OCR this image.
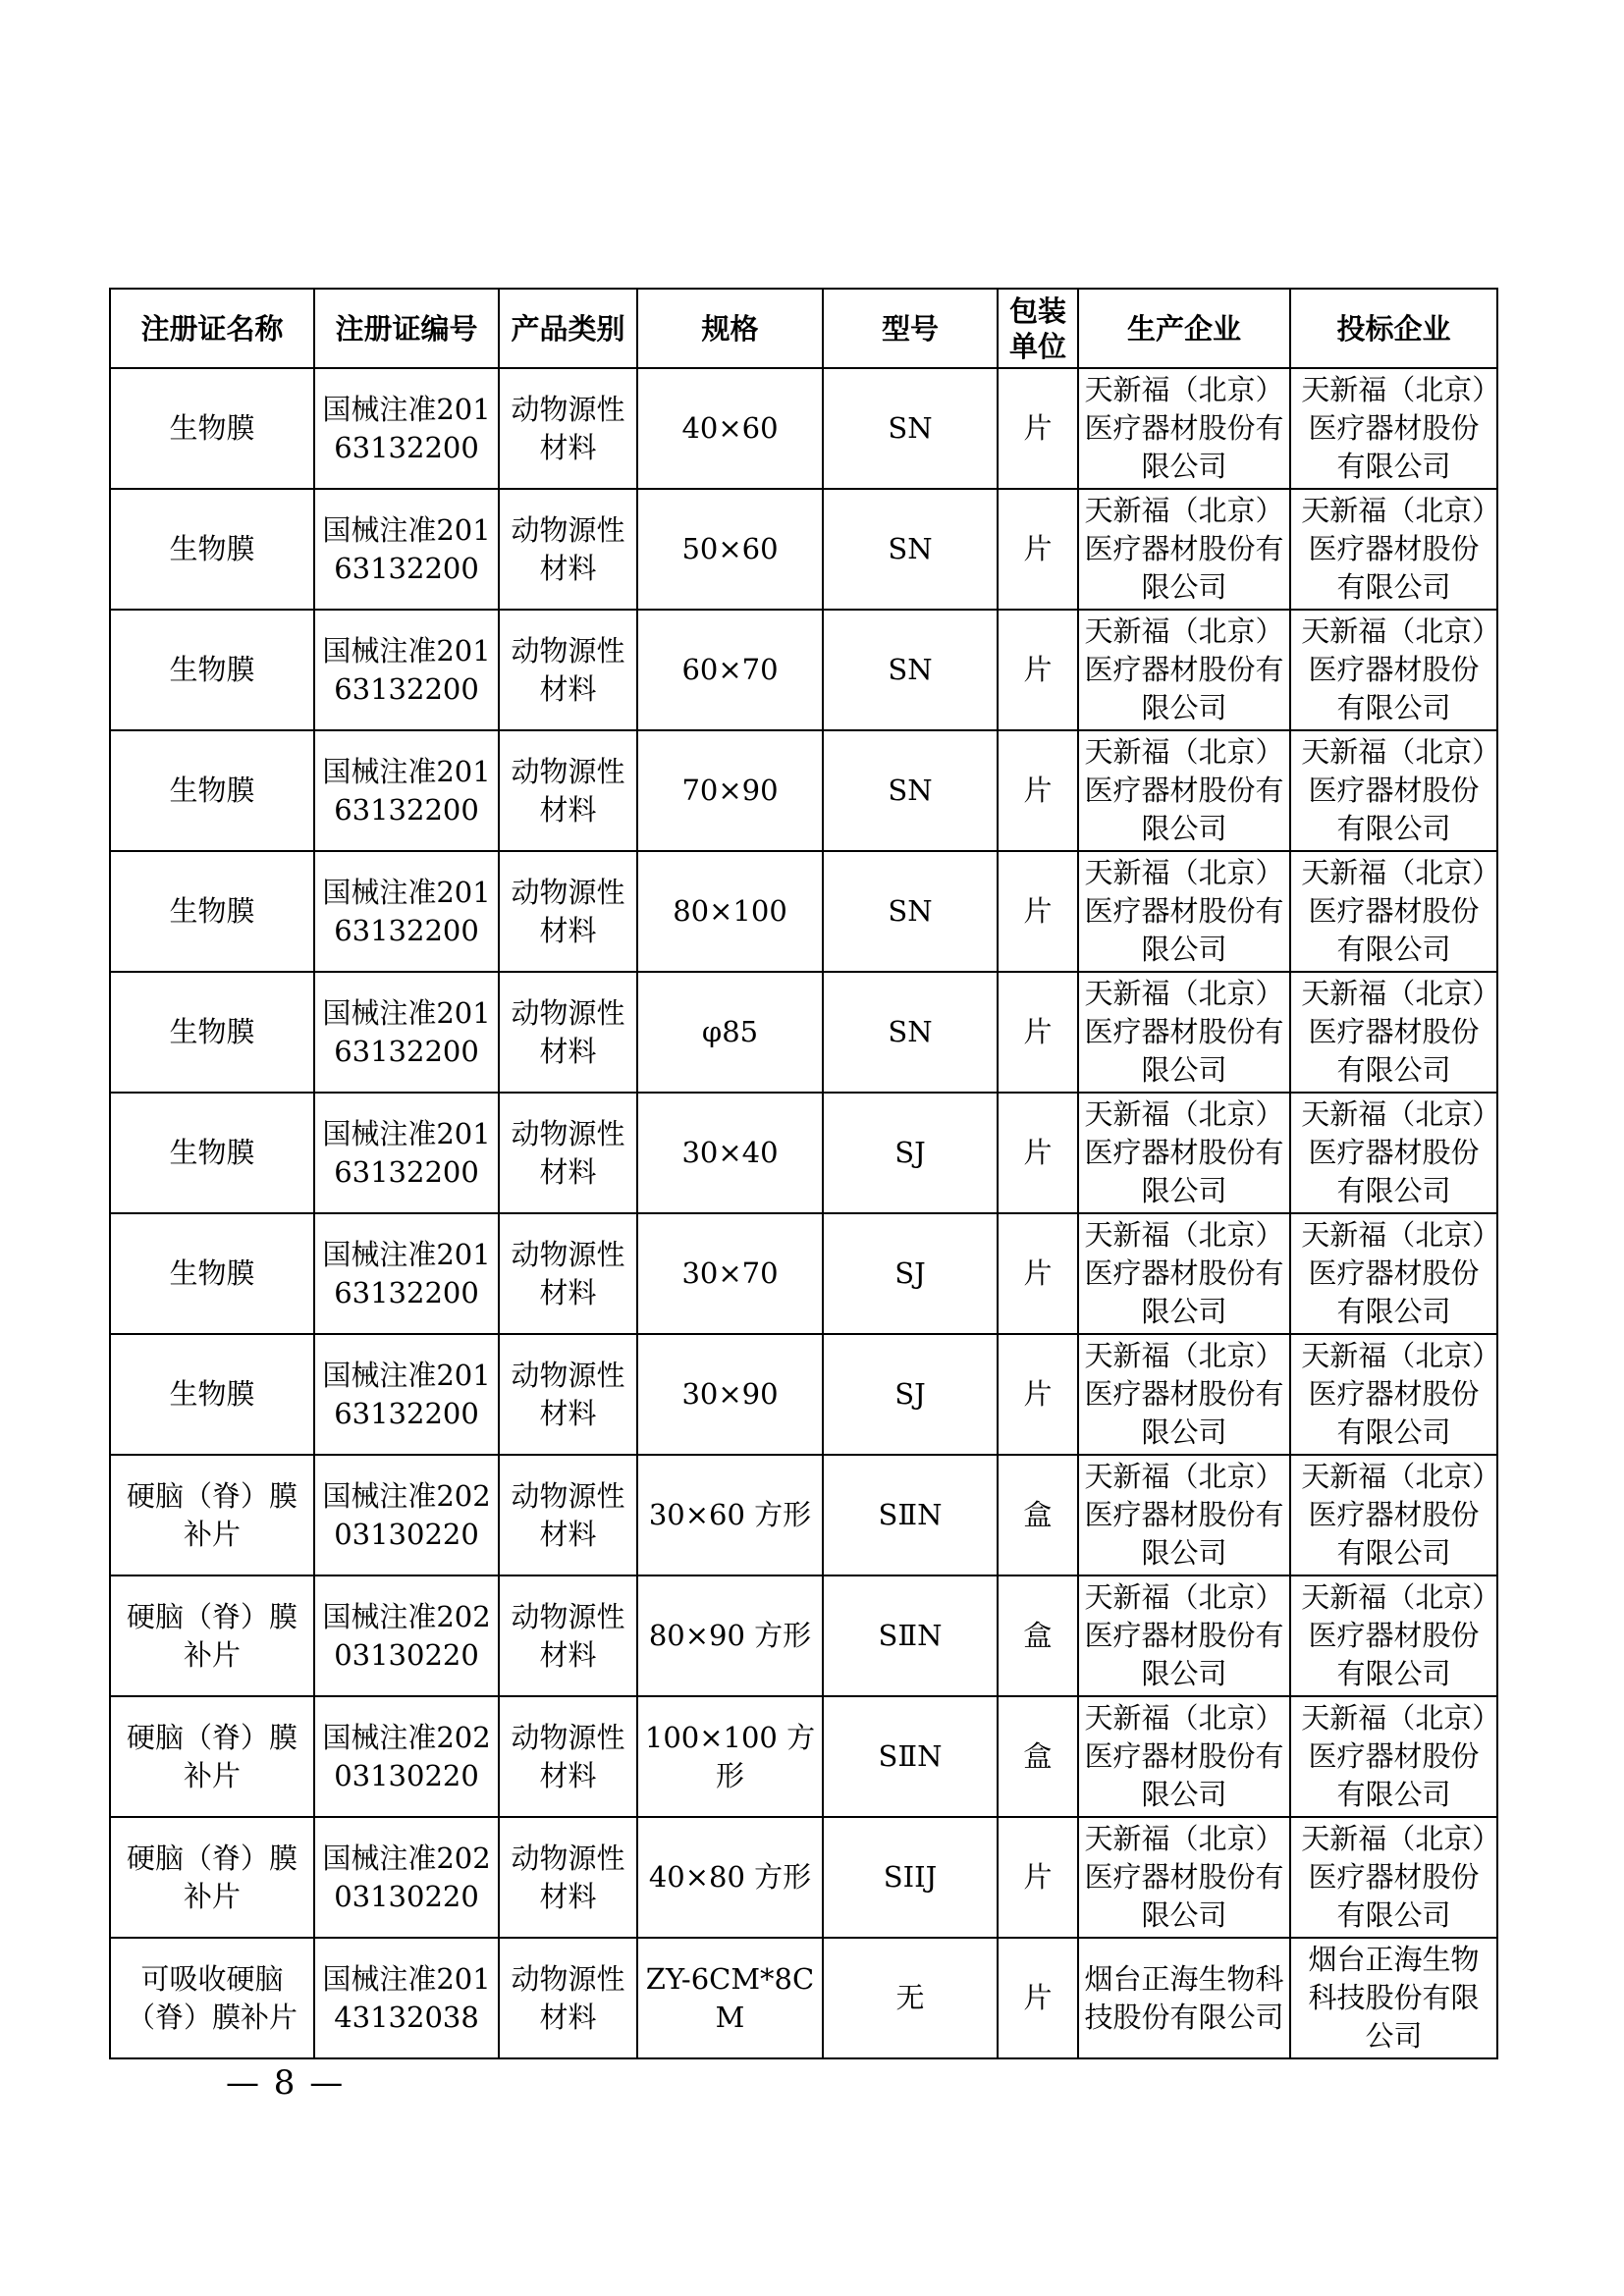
注册证名称	注册证编号	产品类别	规格	型号	包装单位	生产企业	投标企业
生物膜	国械注准20163132200	动物源性材料	40×60	SN	片	天新福（北京）医疗器材股份有限公司	天新福（北京）医疗器材股份有限公司
生物膜	国械注准20163132200	动物源性材料	50×60	SN	片	天新福（北京）医疗器材股份有限公司	天新福（北京）医疗器材股份有限公司
生物膜	国械注准20163132200	动物源性材料	60×70	SN	片	天新福（北京）医疗器材股份有限公司	天新福（北京）医疗器材股份有限公司
生物膜	国械注准20163132200	动物源性材料	70×90	SN	片	天新福（北京）医疗器材股份有限公司	天新福（北京）医疗器材股份有限公司
生物膜	国械注准20163132200	动物源性材料	80×100	SN	片	天新福（北京）医疗器材股份有限公司	天新福（北京）医疗器材股份有限公司
生物膜	国械注准20163132200	动物源性材料	φ85	SN	片	天新福（北京）医疗器材股份有限公司	天新福（北京）医疗器材股份有限公司
生物膜	国械注准20163132200	动物源性材料	30×40	SJ	片	天新福（北京）医疗器材股份有限公司	天新福（北京）医疗器材股份有限公司
生物膜	国械注准20163132200	动物源性材料	30×70	SJ	片	天新福（北京）医疗器材股份有限公司	天新福（北京）医疗器材股份有限公司
生物膜	国械注准20163132200	动物源性材料	30×90	SJ	片	天新福（北京）医疗器材股份有限公司	天新福（北京）医疗器材股份有限公司
硬脑（脊）膜补片	国械注准20203130220	动物源性材料	30×60 方形	SⅡN	盒	天新福（北京）医疗器材股份有限公司	天新福（北京）医疗器材股份有限公司
硬脑（脊）膜补片	国械注准20203130220	动物源性材料	80×90 方形	SⅡN	盒	天新福（北京）医疗器材股份有限公司	天新福（北京）医疗器材股份有限公司
硬脑（脊）膜补片	国械注准20203130220	动物源性材料	100×100 方形	SⅡN	盒	天新福（北京）医疗器材股份有限公司	天新福（北京）医疗器材股份有限公司
硬脑（脊）膜补片	国械注准20203130220	动物源性材料	40×80 方形	SIIJ	片	天新福（北京）医疗器材股份有限公司	天新福（北京）医疗器材股份有限公司
可吸收硬脑（脊）膜补片	国械注准20143132038	动物源性材料	ZY-6CM*8CM	无	片	烟台正海生物科技股份有限公司	烟台正海生物科技股份有限公司
— 8 —
